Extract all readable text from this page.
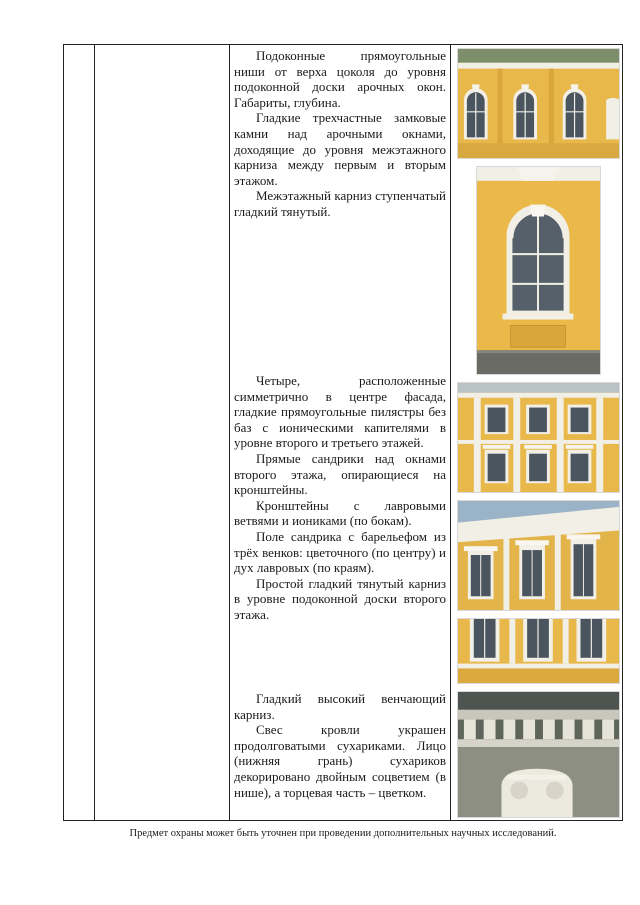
Подоконные прямоугольные ниши от верха цоколя до уровня подоконной доски арочных окон. Габариты, глубина.

Гладкие трехчастные замковые камни над арочными окнами, доходящие до уровня межэтажного карниза между первым и вторым этажом.

Межэтажный карниз ступенчатый гладкий тянутый.

Четыре, расположенные симметрично в центре фасада, гладкие прямоугольные пилястры без баз с ионическими капителями в уровне второго и третьего этажей.

Прямые сандрики над окнами второго этажа, опирающиеся на кронштейны.

Кронштейны с лавровыми ветвями и иониками (по бокам).

Поле сандрика с барельефом из трёх венков: цветочного (по центру) и дух лавровых (по краям).

Простой гладкий тянутый карниз в уровне подоконной доски второго этажа.

Гладкий высокий венчающий карниз.

Свес кровли украшен продолговатыми сухариками. Лицо (нижняя грань) сухариков декорировано двойным соцветием (в нише), а торцевая часть – цветком.

Предмет охраны может быть уточнен при проведении дополнительных научных исследований.
